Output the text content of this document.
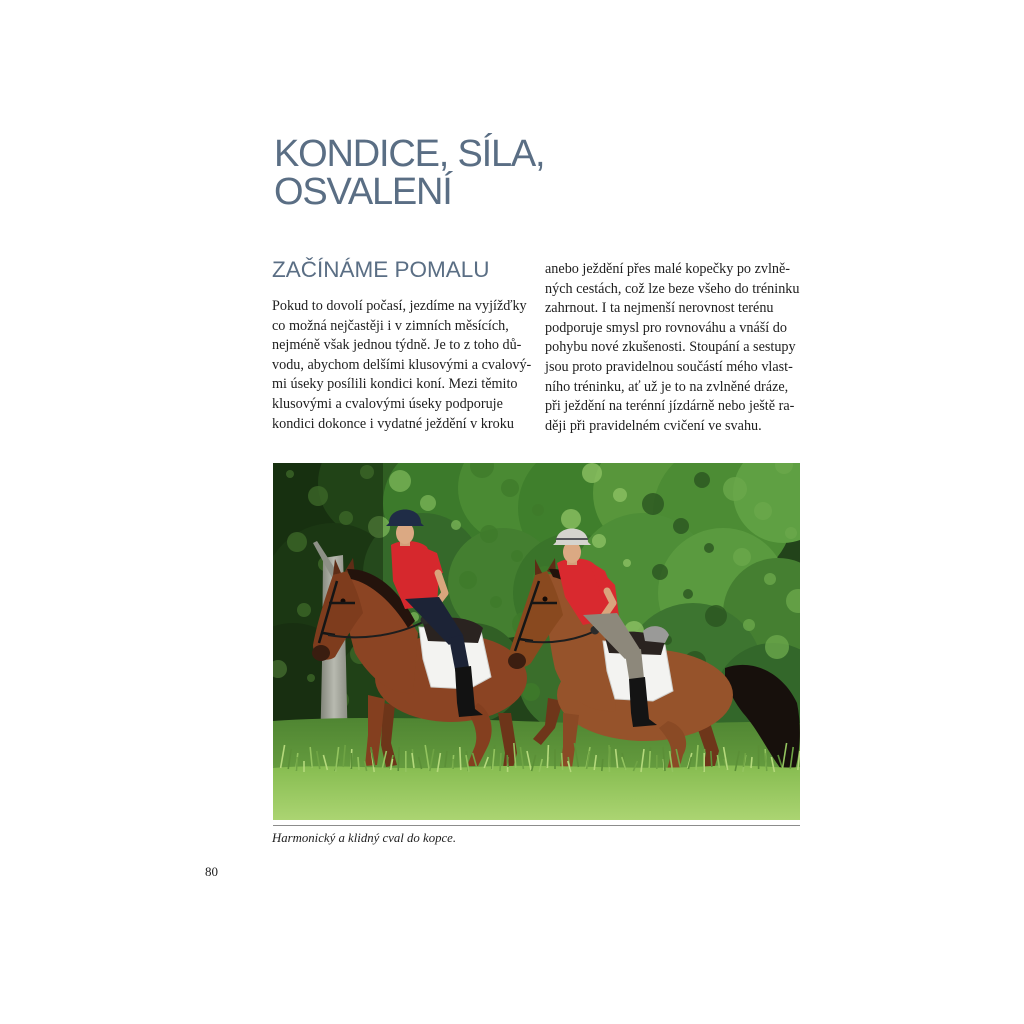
KONDICE, SÍLA,
OSVALENÍ
ZAČÍNÁME POMALU
Pokud to dovolí počasí, jezdíme na vyjížďky
co možná nejčastěji i v zimních měsících,
nejméně však jednou týdně. Je to z toho dů-
vodu, abychom delšími klusovými a cvalový-
mi úseky posílili kondici koní. Mezi těmito
klusovými a cvalovými úseky podporuje
kondici dokonce i vydatné ježdění v kroku
anebo ježdění přes malé kopečky po zvlně-
ných cestách, což lze beze všeho do tréninku
zahrnout. I ta nejmenší nerovnost terénu
podporuje smysl pro rovnováhu a vnáší do
pohybu nové zkušenosti. Stoupání a sestupy
jsou proto pravidelnou součástí mého vlast-
ního tréninku, ať už je to na zvlněné dráze,
při ježdění na terénní jízdárně nebo ještě ra-
ději při pravidelném cvičení ve svahu.
Harmonický a klidný cval do kopce.
80
